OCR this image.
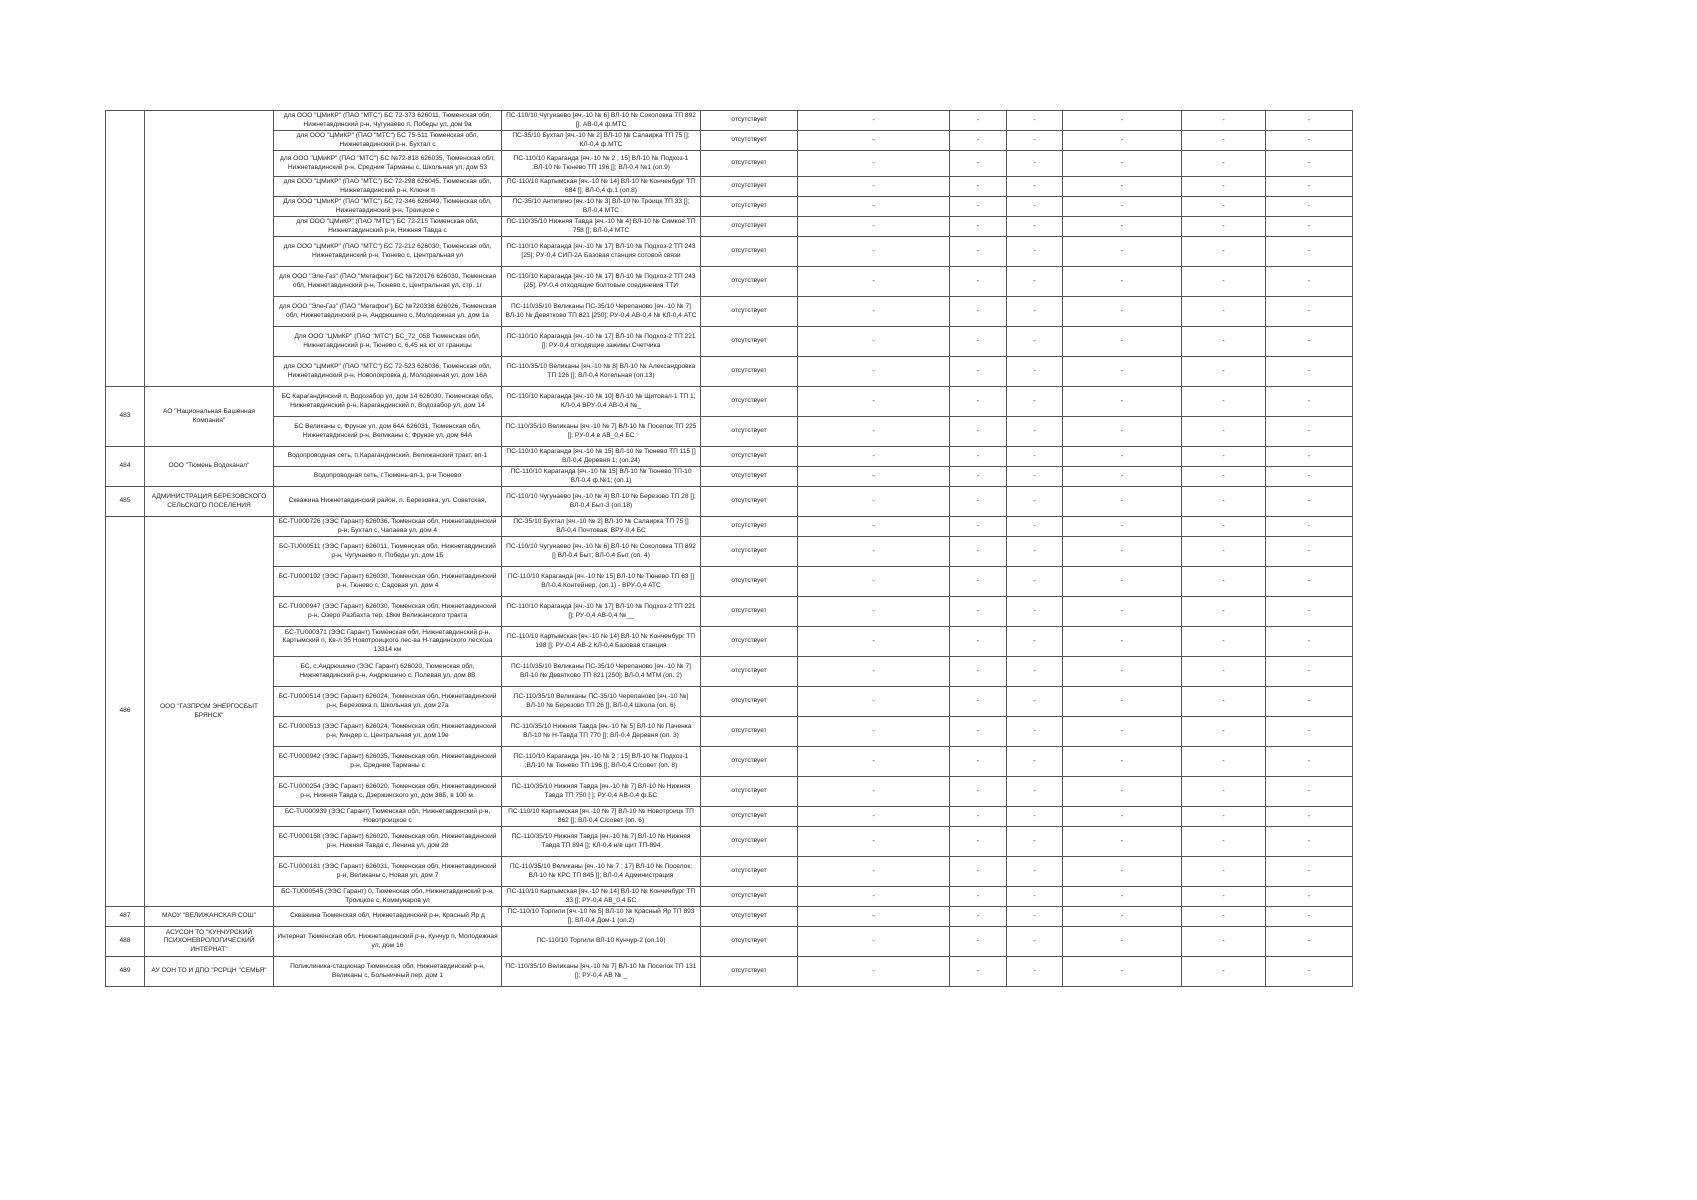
		для ООО "ЦМиКР" (ПАО "МТС") БС 72-373 626011, Тюменская обл, Нижнетавдинский р-н, Чугунаево п, Победы ул, дом 9а	ПС-110/10 Чугунаево [яч.-10 № 6] ВЛ-10 № Соколовка ТП 892 []; АВ-0,4 ф.МТС	отсутствует	-	-	-	-	-	-
		для ООО "ЦМиКР" (ПАО "МТС") БС 75-511 Тюменская обл, Нижнетавдинский р-н, Бухтал с	ПС-35/10 Бухтал [яч.-10 № 2] ВЛ-10 № Салаирка ТП 75 []; КЛ-0,4 ф.МТС	отсутствует	-	-	-	-	-	-
		для ООО "ЦМиКР" (ПАО "МТС") БС №72-818 626035, Тюменская обл, Нижнетавдинский р-н, Средние Тарманы с, Школьная ул, дом 53	ПС-110/10 Караганда [яч.-10 № 2 ; 15] ВЛ-10 № Подхоз-1 ;ВЛ-10 № Тюнево ТП 196 []; ВЛ-0,4 №1 (оп.9)	отсутствует	-	-	-	-	-	-
		для ООО "ЦМиКР" (ПАО "МТС") БС 72-298 626045, Тюменская обл, Нижнетавдинский р-н, Ключи п	ПС-110/10 Картымская [яч.-10 № 14] ВЛ-10 № Конченбург ТП 684 []; ВЛ-0,4 ф.1 (оп.8)	отсутствует	-	-	-	-	-	-
		Для ООО "ЦМиКР" (ПАО "МТС") БС 72-346 626049, Тюменская обл, Нижнетавдинский р-н, Троицкое с	ПС-35/10 Антипино [яч.-10 № 3] ВЛ-10 № Троицк ТП 33 []; ВЛ-0,4 МТС	отсутствует	-	-	-	-	-	-
		для ООО "ЦМиКР" (ПАО "МТС") БС 72-215 Тюменская обл, Нижнетавдинский р-н, Нижняя Тавда с	ПС-110/35/10 Нижняя Тавда [яч.-10 № 4] ВЛ-10 № Симкое ТП 758 []; ВЛ-0,4 МТС	отсутствует	-	-	-	-	-	-
		для ООО "ЦМиКР" (ПАО "МТС") БС 72-212 626030, Тюменская обл, Нижнетавдинский р-н, Тюнево с, Центральная ул	ПС-110/10 Караганда [яч.-10 № 17] ВЛ-10 № Подхоз-2 ТП 243 [25]; РУ-0,4 СИП-2А Базовая станция сотовой связи	отсутствует	-	-	-	-	-	-
		для ООО "Эле-Газ" (ПАО "Мегафон") БС №720176 626030, Тюменская обл, Нижнетавдинский р-н, Тюнево с, Центральная ул, стр. 1г	ПС-110/10 Караганда [яч.-10 № 17] ВЛ-10 № Подхоз-2 ТП 243 [25]; РУ-0,4 отходящие болтовые соединения ТТИ	отсутствует	-	-	-	-	-	-
		для ООО "Эле-Газ" (ПАО "Мегафон") БС №720338 626026, Тюменская обл, Нижнетавдинский р-н, Андрюшино с, Молодежная ул, дом 1а	ПС-110/35/10 Великаны ПС-35/10 Черепаново [яч.-10 № 7] ВЛ-10 № Девятково ТП 821 [250]; РУ-0,4 АВ-0,4 № КЛ-0,4 АТС	отсутствует	-	-	-	-	-	-
		Для ООО "ЦМиКР" (ПАО "МТС") БС_72_058 Тюменская обл, Нижнетавдинский р-н, Тюнево с, 6,45 на юг от границы	ПС-110/10 Караганда [яч.-10 № 17] ВЛ-10 № Подхоз-2 ТП 221 []; РУ-0,4 отходящие зажимы Счетчика	отсутствует	-	-	-	-	-	-
		для ООО "ЦМиКР" (ПАО "МТС") БС 72-523 626036, Тюменская обл, Нижнетавдинский р-н, Новопокровка д, Молодежная ул, дом 16А	ПС-110/35/10 Великаны [яч.-10 № 8] ВЛ-10 № Александровка ТП 126 []; ВЛ-0,4 Котельная (оп.13)	отсутствует	-	-	-	-	-	-
483	АО "Национальная Башенная Компания"	БС Карагандинский п, Водозабор ул, дом 14 626030, Тюменская обл, Нижнетавдинский р-н, Карагандинский п, Водозабор ул, дом 14	ПС-110/10 Караганда [яч.-10 № 10] ВЛ-10 № Щитовал-1 ТП 1; КЛ-0,4 ВРУ-0,4 АВ-0,4 №_	отсутствует	-	-	-	-	-	-
		БС Великаны с, Фрунзе ул, дом 64А 626031, Тюменская обл, Нижнетавдинский р-н, Великаны с, Фрунзе ул, дом 64А	ПС-110/35/10 Великаны [яч.-10 № 7] ВЛ-10 № Поселок ТП 225 []; РУ-0,4 в АВ_0,4 БС	отсутствует	-	-	-	-	-	-
484	ООО "Тюмень Водоканал"	Водопроводная сеть, п.Карагандинский, Велижанский тракт, вп-1	ПС-110/10 Караганда [яч.-10 № 15] ВЛ-10 № Тюнево ТП 115 [] ВЛ-0,4 Деревня 1; (оп.24)	отсутствует	-	-	-	-	-	-
		Водопроводная сеть, г.Тюмень-вп-1, р-н Тюнево	ПС-110/10 Караганда [яч.-10 № 15] ВЛ-10 № Тюнево ТП-10 ВЛ-0,4 ф.№1; (оп.1)	отсутствует	-	-	-	-	-	-
485	АДМИНИСТРАЦИЯ БЕРЕЗОВСКОГО СЕЛЬСКОГО ПОСЕЛЕНИЯ	Скважина Нижнетавдинский район, п. Березовка, ул. Советская,	ПС-110/10 Чугунаево [яч.-10 № 4] ВЛ-10 № Березово ТП 28 []; ВЛ-0,4 Быт-3 (оп.18)	отсутствует	-	-	-	-	-	-
486	ООО "ГАЗПРОМ ЭНЕРГОСБЫТ БРЯНСК"	БС-TU000726 (ЭЭС Гарант) 626036, Тюменская обл, Нижнетавдинский р-н, Бухтал с, Чапаева ул, дом 4	ПС-35/10 Бухтал [яч.-10 № 2] ВЛ-10 № Салаирка ТП 75 [] ВЛ-0,4 Почтовая; ВРУ-0,4 БС	отсутствует	-	-	-	-	-	-
		БС-TU000511 (ЭЭС Гарант) 626011, Тюменская обл, Нижнетавдинский р-н, Чугунаево п, Победы ул, дом 1Б	ПС-110/10 Чугунаево [яч.-10 № 6] ВЛ-10 № Соколовка ТП 892 [] ВЛ-0,4 Быт; ВЛ-0,4 Быт (оп. 4)	отсутствует	-	-	-	-	-	-
		БС-TU000192 (ЭЭС Гарант) 626030, Тюменская обл, Нижнетавдинский р-н, Тюнево с, Садовая ул, дом 4	ПС-110/10 Караганда [яч.-10 № 15] ВЛ-10 № Тюнево ТП 63 [] ВЛ-0,4 Контейнер; (оп.1) - ВРУ-0,4 АТС	отсутствует	-	-	-	-	-	-
		БС-TU000947 (ЭЭС Гарант) 626030, Тюменская обл, Нижнетавдинский р-н, Озеро Разбахта тер, 18км Велижанского тракта	ПС-110/10 Караганда [яч.-10 № 17] ВЛ-10 № Подхоз-2 ТП 221 []; РУ-0,4 АВ-0,4 №__	отсутствует	-	-	-	-	-	-
		БС-TU000371 (ЭЭС Гарант) Тюменская обл, Нижнетавдинский р-н, Картымский п, Кв-л 35 Новотроицкого лес-ва Н-тавдинского лесхоза 13314 км	ПС-110/10 Картымская [яч.-10 № 14] ВЛ-10 № Конченбург ТП 198 []; РУ-0,4 АВ-2 КЛ-0,4 Базовая станция	отсутствует	-	-	-	-	-	-
		БС, с.Андрюшино (ЭЭС Гарант) 626020, Тюменская обл, Нижнетавдинский р-н, Андрюшино с, Полевая ул, дом 8В	ПС-110/35/10 Великаны ПС-35/10 Черепаново [яч.-10 № 7] ВЛ-10 № Девятково ТП 821 [250]; ВЛ-0,4 МТМ (оп. 2)	отсутствует	-	-	-	-	-	-
		БС-TU000514 (ЭЭС Гарант) 626024, Тюменская обл, Нижнетавдинский р-н, Березовка п, Школьная ул, дом 27а	ПС-110/35/10 Великаны ПС-35/10 Черепаново [яч.-10 №] ВЛ-10 № Березово ТП 26 []; ВЛ-0,4 Школа (оп. 6)	отсутствует	-	-	-	-	-	-
		БС-TU000513 (ЭЭС Гарант) 626024, Тюменская обл, Нижнетавдинский р-н, Киндер с, Центральная ул, дом 19е	ПС-110/35/10 Нижняя Тавда [яч.-10 № 5] ВЛ-10 № Паченка ВЛ-10 № Н-Тавда ТП 770 []; ВЛ-0,4 Деревня (оп. 3)	отсутствует	-	-	-	-	-	-
		БС-TU000942 (ЭЭС Гарант) 626035, Тюменская обл, Нижнетавдинский р-н, Средние Тарманы с	ПС-110/10 Караганда [яч.-10 № 2 ; 15] ВЛ-10 № Подхоз-1 ;ВЛ-10 № Тюнево ТП 196 []; ВЛ-0,4 С/совет (оп. 8)	отсутствует	-	-	-	-	-	-
		БС-TU000254 (ЭЭС Гарант) 626020, Тюменская обл, Нижнетавдинский р-н, Нижняя Тавда с, Дзержинского ул, дом 38Б, в 100 м.	ПС-110/35/10 Нижняя Тавда [яч.-10 № 7] ВЛ-10 № Нижняя Тавда ТП 750 [ ]; РУ-0,4 АВ-0,4 ф.БС	отсутствует	-	-	-	-	-	-
		БС-TU000939 (ЭЭС Гарант) Тюменская обл, Нижнетавдинский р-н, Новотроицкое с	ПС-110/10 Картымская [яч.-10 № 7] ВЛ-10 № Новотроицк ТП 862 []; ВЛ-0,4 С/совет (оп. 6)	отсутствует	-	-	-	-	-	-
		БС-TU000158 (ЭЭС Гарант) 626020, Тюменская обл, Нижнетавдинский р-н, Нижняя Тавда с, Ленина ул, дом 28	ПС-110/35/10 Нижняя Тавда [яч.-10 № 7] ВЛ-10 № Нижняя Тавда ТП 894 []; КЛ-0,4 н/в щит ТП-894	отсутствует	-	-	-	-	-	-
		БС-TU000181 (ЭЭС Гарант) 626031, Тюменская обл, Нижнетавдинский р-н, Великаны с, Новая ул, дом 7	ПС-110/35/10 Великаны [яч.-10 № 7 ; 17] ВЛ-10 № Поселок; ВЛ-10 № КРС ТП 845 []; ВЛ-0,4 Администрация	отсутствует	-	-	-	-	-	-
		БС-TU000545 (ЭЭС Гарант) 0, Тюменская обл, Нижнетавдинский р-н, Троицкое с, Коммунаров ул	ПС-110/10 Картымская [яч.-10 № 14] ВЛ-10 № Конченбург ТП 33 []; РУ-0,4 АВ_0,4 БС	отсутствует	-	-	-	-	-	-
487	МАОУ "ВЕЛИЖАНСКАЯ СОШ"	Скважина Тюменская обл, Нижнетавдинский р-н, Красный Яр д	ПС-110/10 Торгили [яч.-10 № 5] ВЛ-10 № Красный Яр ТП 893 []; ВЛ-0,4 Дом-1 (оп.2)	отсутствует	-	-	-	-	-	-
488	АСУСОН ТО "КУНЧУРСКИЙ ПСИХОНЕВРОЛОГИЧЕСКИЙ ИНТЕРНАТ"	Интернат Тюменская обл, Нижнетавдинский р-н, Кунчур п, Молодежная ул, дом 16	ПС-110/10 Торгили ВЛ-10 Кунчур-2 (оп.10)	отсутствует	-	-	-	-	-	-
489	АУ СОН ТО И ДПО "РСРЦН "СЕМЬЯ"	Поликлиника-стационар Тюменская обл, Нижнетавдинский р-н, Великаны с, Больничный пер, дом 1	ПС-110/35/10 Великаны [яч.-10 № 7] ВЛ-10 № Поселок ТП 131 []; РУ-0,4 АВ № _	отсутствует	-	-	-	-	-	-
